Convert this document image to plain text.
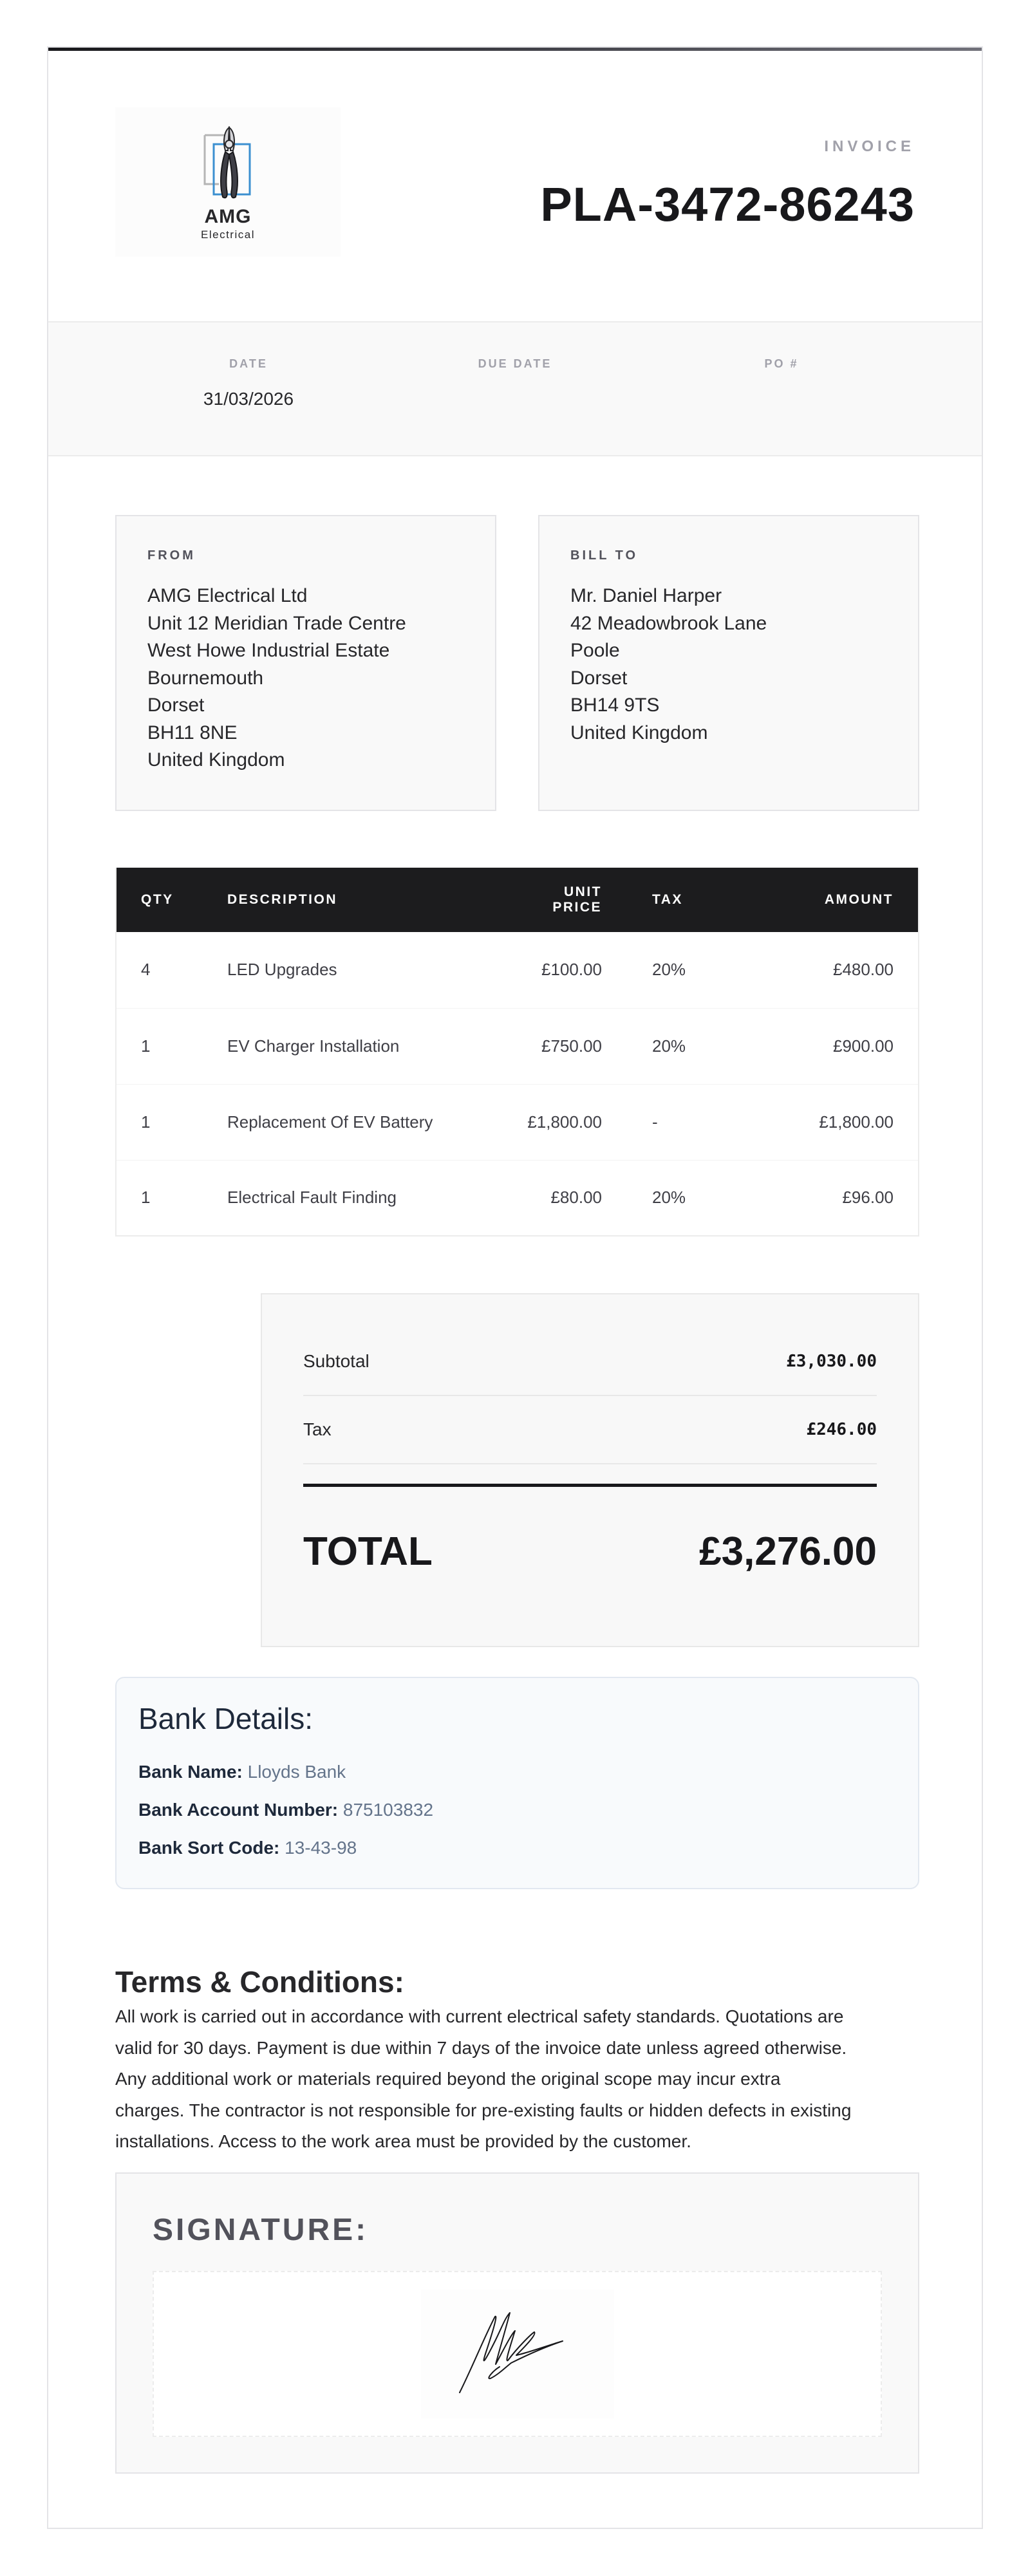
AMG
Electrical
INVOICE
PLA-3472-86243
DATE
31/03/2026
DUE DATE	PO #
FROM
AMG Electrical Ltd
Unit 12 Meridian Trade Centre
West Howe Industrial Estate
Bournemouth
Dorset
BH11 8NE
United Kingdom
BILL TO
Mr. Daniel Harper
42 Meadowbrook Lane
Poole
Dorset
BH14 9TS
United Kingdom
QTY	DESCRIPTION	UNIT PRICE	TAX	AMOUNT
4	LED Upgrades	£100.00	20%	£480.00
1	EV Charger Installation	£750.00	20%	£900.00
1	Replacement Of EV Battery	£1,800.00	-	£1,800.00
1	Electrical Fault Finding	£80.00	20%	£96.00
Subtotal	£3,030.00
Tax	£246.00
TOTAL	£3,276.00
Bank Details:
Bank Name: Lloyds Bank
Bank Account Number: 875103832
Bank Sort Code: 13-43-98
Terms & Conditions:
All work is carried out in accordance with current electrical safety standards. Quotations are
valid for 30 days. Payment is due within 7 days of the invoice date unless agreed otherwise.
Any additional work or materials required beyond the original scope may incur extra
charges. The contractor is not responsible for pre-existing faults or hidden defects in existing
installations. Access to the work area must be provided by the customer.
SIGNATURE:
